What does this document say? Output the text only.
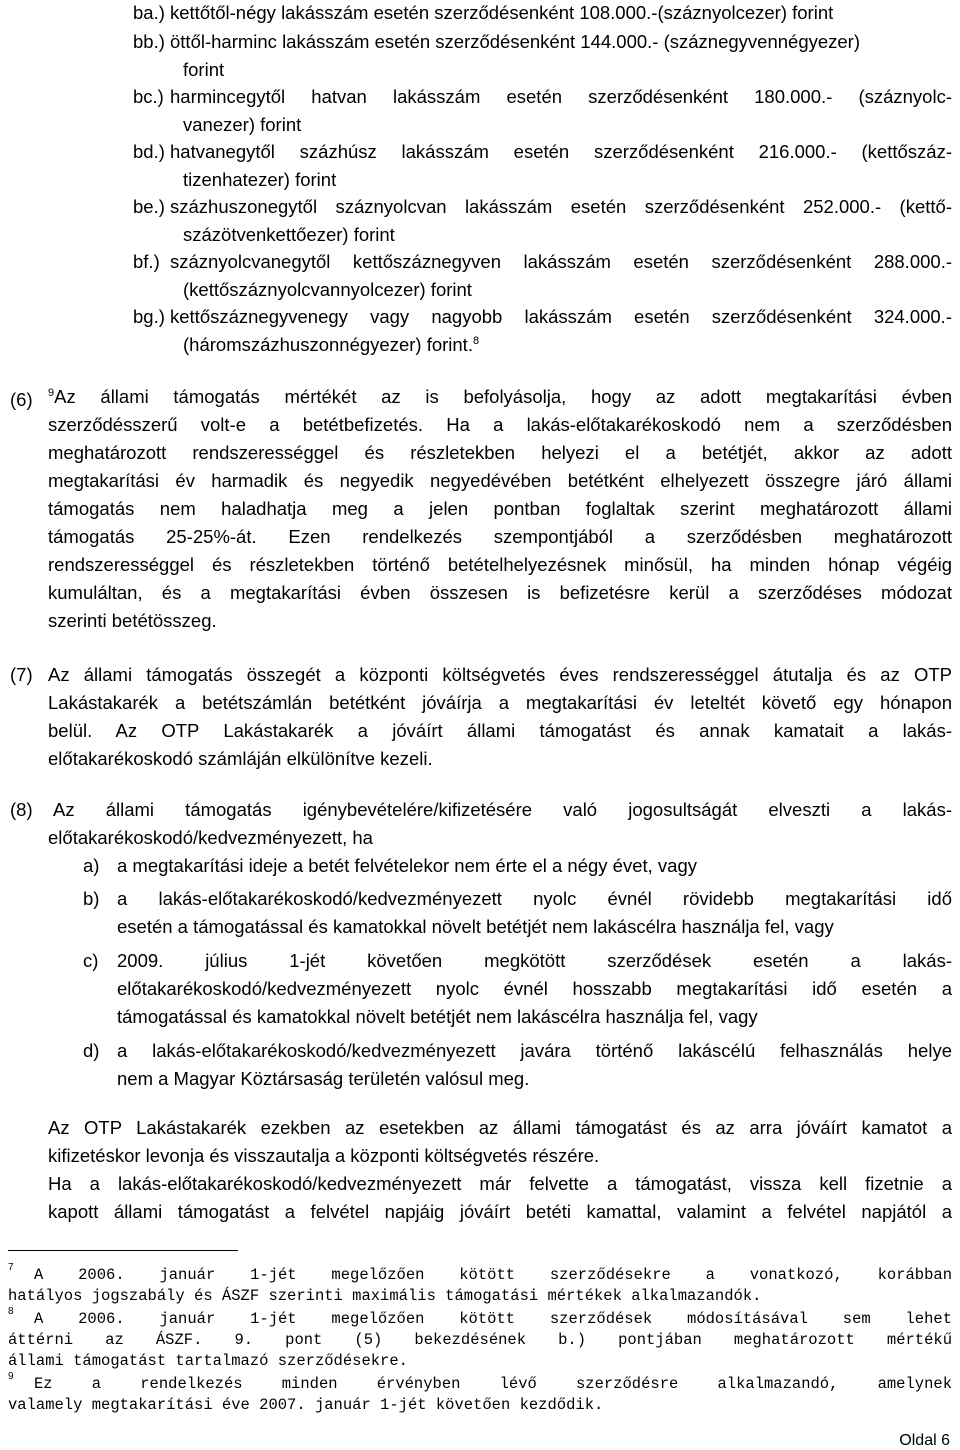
ba.) kettőtől-négy lakásszám esetén szerződésenként 108.000.-(száznyolcezer) forint
bb.) öttől-harminc lakásszám esetén szerződésenként 144.000.- (száznegyvennégyezer)
forint
bc.) harmincegytől hatvan lakásszám esetén szerződésenként 180.000.- (száznyolc-
vanezer) forint
bd.) hatvanegytől százhúsz lakásszám esetén szerződésenként 216.000.- (kettőszáz-
tizenhatezer) forint
be.) százhuszonegytől száznyolcvan lakásszám esetén szerződésenként 252.000.- (kettő-
százötvenkettőezer) forint
bf.) száznyolcvanegytől kettőszáznegyven lakásszám esetén szerződésenként 288.000.-
(kettőszáznyolcvannyolcezer) forint
bg.) kettőszáznegyvenegy vagy nagyobb lakásszám esetén szerződésenként 324.000.-
(háromszázhuszonnégyezer) forint.$^8$
(6) $^9$Az állami támogatás mértékét az is befolyásolja, hogy az adott megtakarítási évben
szerződésszerű volt-e a betétbefizetés. Ha a lakás-előtakarékoskodó nem a szerződésben
meghatározott rendszerességgel és részletekben helyezi el a betétjét, akkor az adott
megtakarítási év harmadik és negyedik negyedévében betétként elhelyezett összegre járó állami
támogatás nem haladhatja meg a jelen pontban foglaltak szerint meghatározott állami
támogatás 25-25%-át. Ezen rendelkezés szempontjából a szerződésben meghatározott
rendszerességgel és részletekben történő betételhelyezésnek minősül, ha minden hónap végéig
kumuláltan, és a megtakarítási évben összesen is befizetésre kerül a szerződéses módozat
szerinti betétösszeg.
(7) Az állami támogatás összegét a központi költségvetés éves rendszerességgel átutalja és az OTP
Lakástakarék a betétszámlán betétként jóváírja a megtakarítási év leteltét követő egy hónapon
belül. Az OTP Lakástakarék a jóváírt állami támogatást és annak kamatait a lakás-
előtakarékoskodó számláján elkülönítve kezeli.
(8) Az állami támogatás igénybevételére/kifizetésére való jogosultságát elveszti a lakás-
előtakarékoskodó/kedvezményezett, ha
a) a megtakarítási ideje a betét felvételekor nem érte el a négy évet, vagy
b) a lakás-előtakarékoskodó/kedvezményezett nyolc évnél rövidebb megtakarítási idő
esetén a támogatással és kamatokkal növelt betétjét nem lakáscélra használja fel, vagy
c) 2009. július 1-jét követően megkötött szerződések esetén a lakás-
előtakarékoskodó/kedvezményezett nyolc évnél hosszabb megtakarítási idő esetén a
támogatással és kamatokkal növelt betétjét nem lakáscélra használja fel, vagy
d) a lakás-előtakarékoskodó/kedvezményezett javára történő lakáscélú felhasználás helye
nem a Magyar Köztársaság területén valósul meg.
Az OTP Lakástakarék ezekben az esetekben az állami támogatást és az arra jóváírt kamatot a
kifizetéskor levonja és visszautalja a központi költségvetés részére.
Ha a lakás-előtakarékoskodó/kedvezményezett már felvette a támogatást, vissza kell fizetnie a
kapott állami támogatást a felvétel napjáig jóváírt betéti kamattal, valamint a felvétel napjától a
7 A 2006. január 1-jét megelőzően kötött szerződésekre a vonatkozó, korábban
hatályos jogszabály és ÁSZF szerinti maximális támogatási mértékek alkalmazandók.
8 A 2006. január 1-jét megelőzően kötött szerződések módosításával sem lehet
áttérni az ÁSZF. 9. pont (5) bekezdésének b.) pontjában meghatározott mértékű
állami támogatást tartalmazó szerződésekre.
9 Ez a rendelkezés minden érvényben lévő szerződésre alkalmazandó, amelynek
valamely megtakarítási éve 2007. január 1-jét követően kezdődik.
Oldal 6
